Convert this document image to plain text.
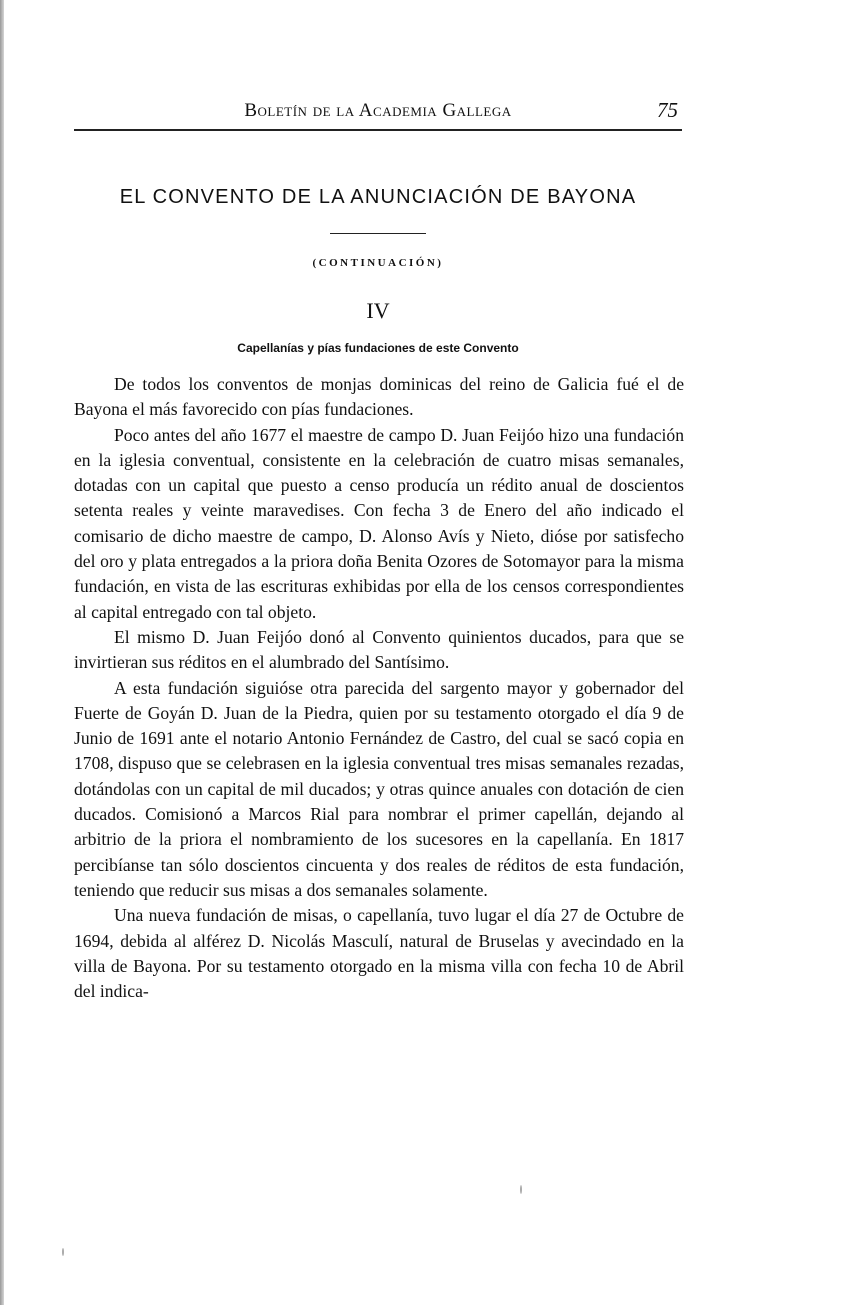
Boletín de la Academia Gallega	75
EL CONVENTO DE LA ANUNCIACIÓN DE BAYONA
(CONTINUACIÓN)
IV
Capellanías y pías fundaciones de este Convento

De todos los conventos de monjas dominicas del reino de Galicia fué el de Bayona el más favorecido con pías fundaciones.

Poco antes del año 1677 el maestre de campo D. Juan Feijóo hizo una fundación en la iglesia conventual, consistente en la celebración de cuatro misas semanales, dotadas con un capital que puesto a censo producía un rédito anual de doscientos setenta reales y veinte maravedises. Con fecha 3 de Enero del año indicado el comisario de dicho maestre de campo, D. Alonso Avís y Nieto, dióse por satisfecho del oro y plata entregados a la priora doña Benita Ozores de Sotomayor para la misma fundación, en vista de las escrituras exhibidas por ella de los censos correspondientes al capital entregado con tal objeto.

El mismo D. Juan Feijóo donó al Convento quinientos ducados, para que se invirtieran sus réditos en el alumbrado del Santísimo.

A esta fundación siguióse otra parecida del sargento mayor y gobernador del Fuerte de Goyán D. Juan de la Piedra, quien por su testamento otorgado el día 9 de Junio de 1691 ante el notario Antonio Fernández de Castro, del cual se sacó copia en 1708, dispuso que se celebrasen en la iglesia conventual tres misas semanales rezadas, dotándolas con un capital de mil ducados; y otras quince anuales con dotación de cien ducados. Comisionó a Marcos Rial para nombrar el primer capellán, dejando al arbitrio de la priora el nombramiento de los sucesores en la capellanía. En 1817 percibíanse tan sólo doscientos cincuenta y dos reales de réditos de esta fundación, teniendo que reducir sus misas a dos semanales solamente.

Una nueva fundación de misas, o capellanía, tuvo lugar el día 27 de Octubre de 1694, debida al alférez D. Nicolás Masculí, natural de Bruselas y avecindado en la villa de Bayona. Por su testamento otorgado en la misma villa con fecha 10 de Abril del indica-
